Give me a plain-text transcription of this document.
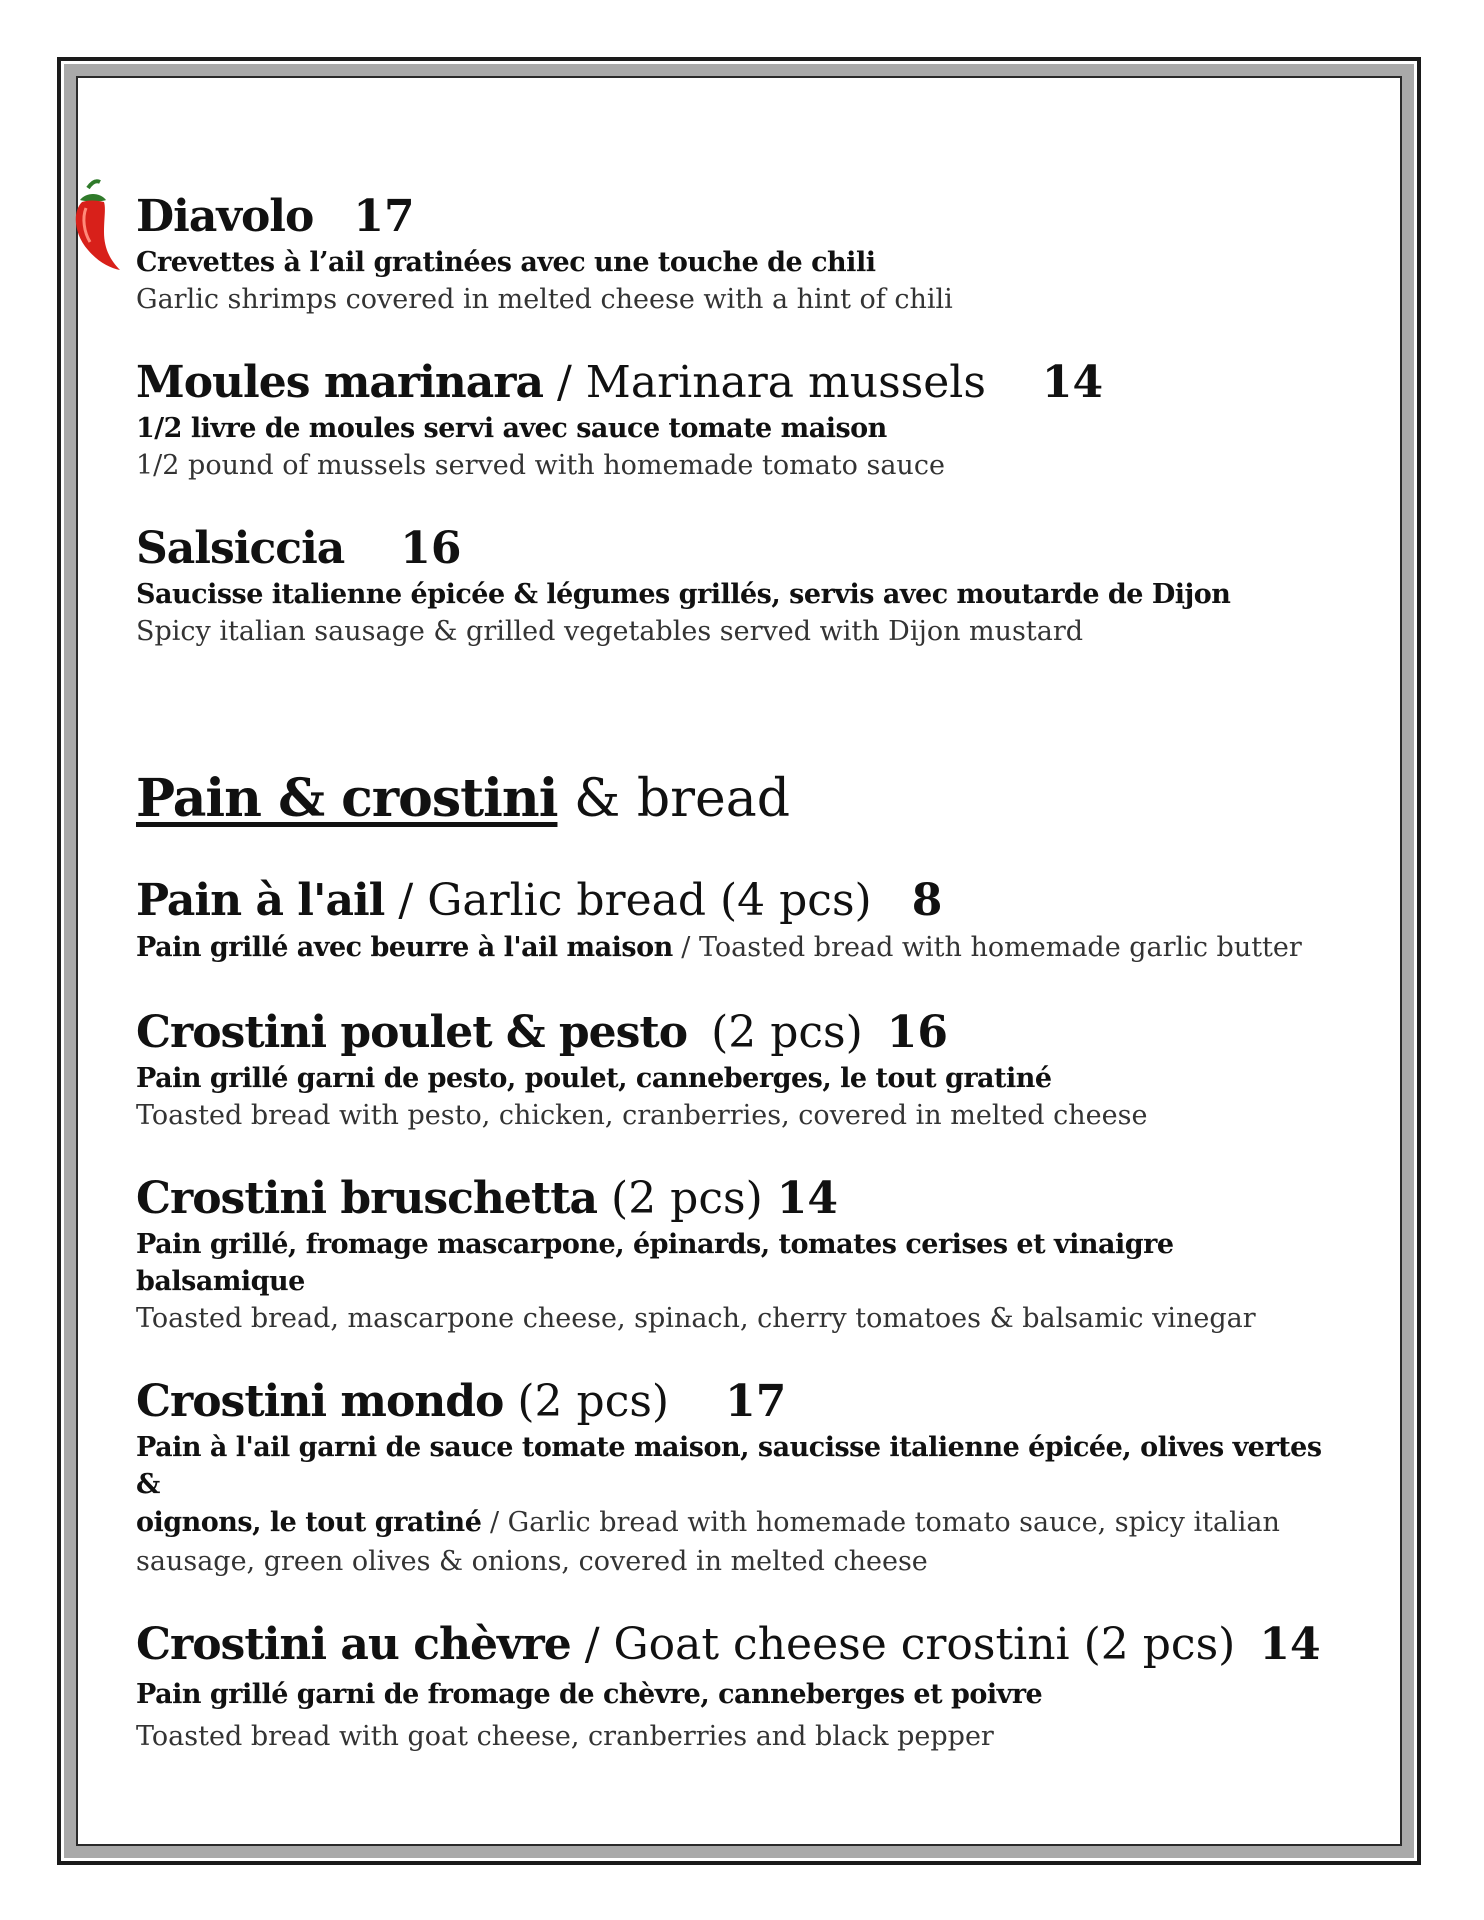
Diavolo 17

Crevettes à l’ail gratinées avec une touche de chili

Garlic shrimps covered in melted cheese with a hint of chili

Moules marinara / Marinara mussels 14

1/2 livre de moules servi avec sauce tomate maison

1/2 pound of mussels served with homemade tomato sauce

Salsiccia 16

Saucisse italienne épicée & légumes grillés, servis avec moutarde de Dijon

Spicy italian sausage & grilled vegetables served with Dijon mustard

Pain & crostini & bread

Pain à l'ail / Garlic bread (4 pcs) 8

Pain grillé avec beurre à l'ail maison / Toasted bread with homemade garlic butter

Crostini poulet & pesto (2 pcs) 16

Pain grillé garni de pesto, poulet, canneberges, le tout gratiné

Toasted bread with pesto, chicken, cranberries, covered in melted cheese

Crostini bruschetta (2 pcs) 14

Pain grillé, fromage mascarpone, épinards, tomates cerises et vinaigre balsamique

Toasted bread, mascarpone cheese, spinach, cherry tomatoes & balsamic vinegar

Crostini mondo (2 pcs) 17

Pain à l'ail garni de sauce tomate maison, saucisse italienne épicée, olives vertes &

oignons, le tout gratiné / Garlic bread with homemade tomato sauce, spicy italian

sausage, green olives & onions, covered in melted cheese

Crostini au chèvre / Goat cheese crostini (2 pcs) 14

Pain grillé garni de fromage de chèvre, canneberges et poivre

Toasted bread with goat cheese, cranberries and black pepper
